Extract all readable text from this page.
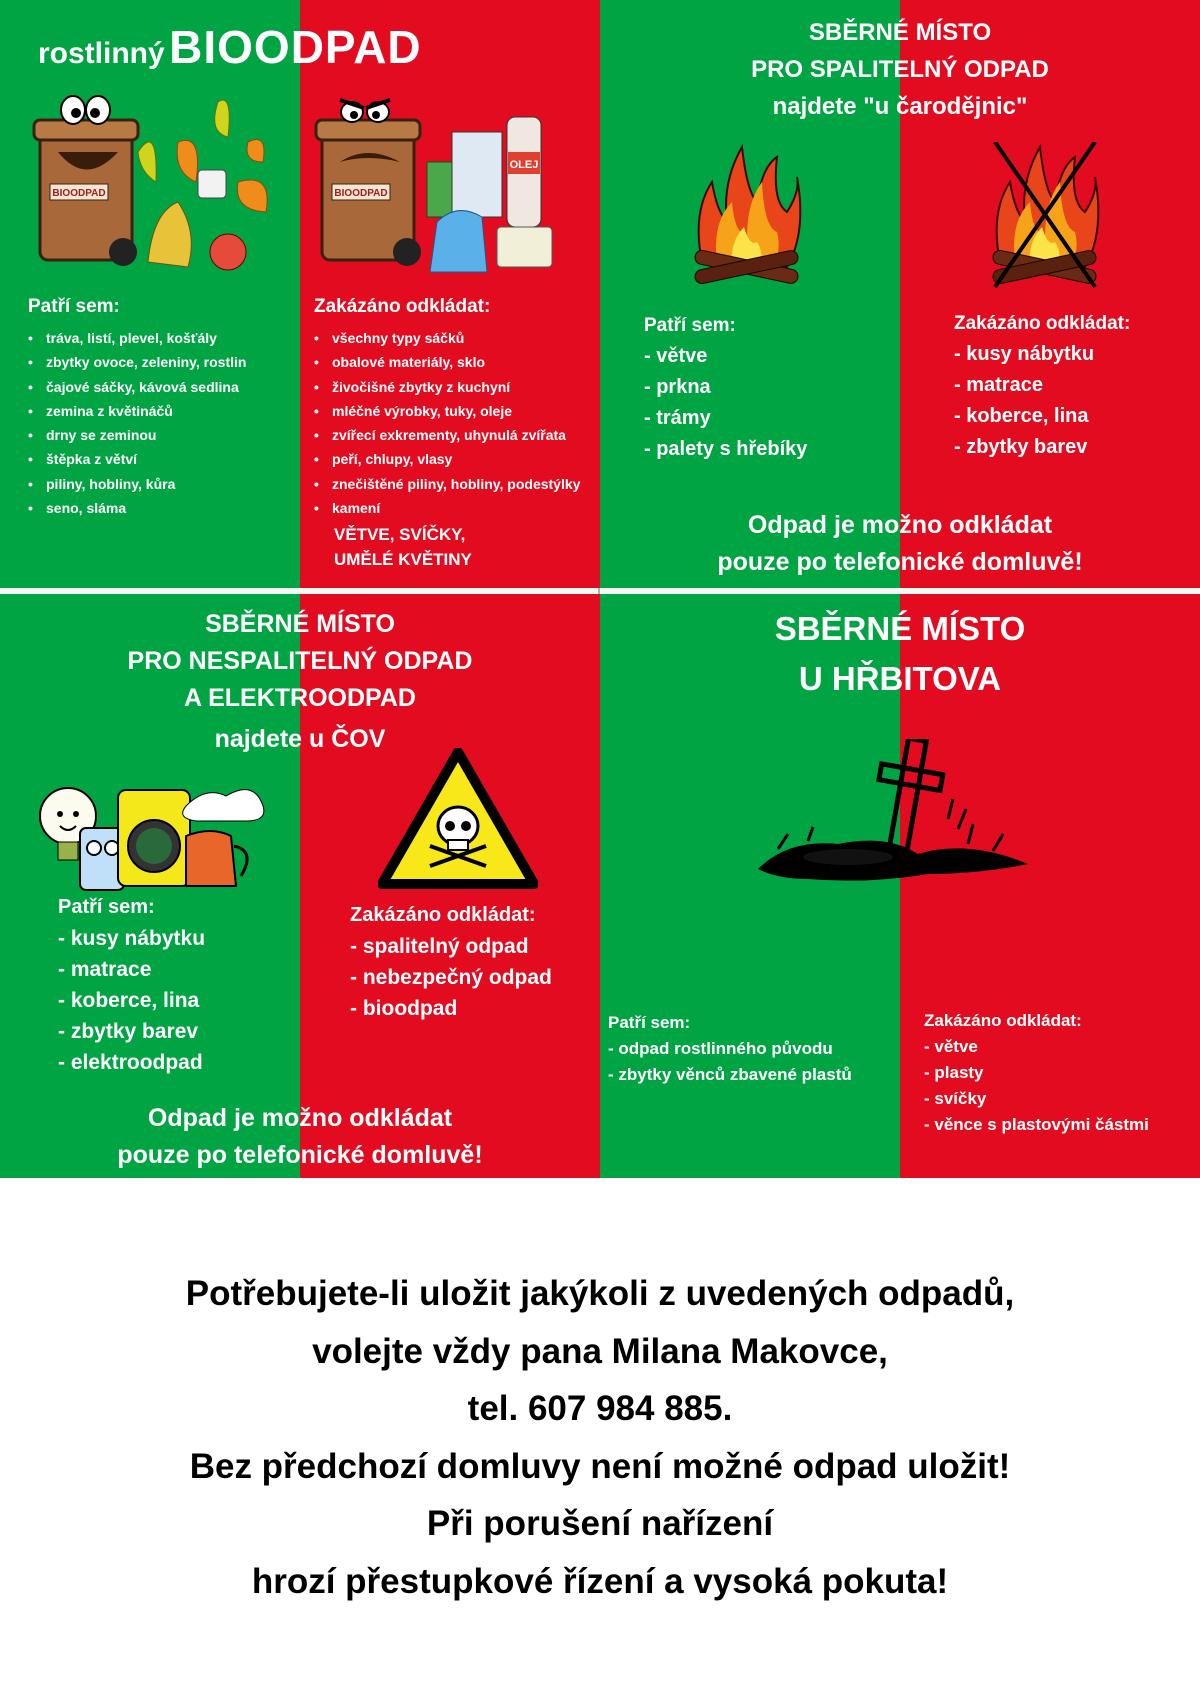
rostlinný BIOODPAD
BIOODPAD	BIOODPAD
OLEJ
Patří sem:
• tráva, listí, plevel, košťály
• zbytky ovoce, zeleniny, rostlin
• čajové sáčky, kávová sedlina
• zemina z květináčů
• drny se zeminou
• štěpka z větví
• piliny, hobliny, kůra
• seno, sláma
Zakázáno odkládat:
• všechny typy sáčků
• obalové materiály, sklo
• živočišné zbytky z kuchyní
• mléčné výrobky, tuky, oleje
• zvířecí exkrementy, uhynulá zvířata
• peří, chlupy, vlasy
• znečištěné piliny, hobliny, podestýlky
• kamení
VĚTVE, SVÍČKY,
UMĚLÉ KVĚTINY
SBĚRNÉ MÍSTO
PRO SPALITELNÝ ODPAD
najdete "u čarodějnic"
Patří sem:
- větve
- prkna
- trámy
- palety s hřebíky
Zakázáno odkládat:
- kusy nábytku
- matrace
- koberce, lina
- zbytky barev
Odpad je možno odkládat
pouze po telefonické domluvě!
SBĚRNÉ MÍSTO
PRO NESPALITELNÝ ODPAD
A ELEKTROODPAD
najdete u ČOV
Patří sem:
- kusy nábytku
- matrace
- koberce, lina
- zbytky barev
- elektroodpad
Zakázáno odkládat:
- spalitelný odpad
- nebezpečný odpad
- bioodpad
Odpad je možno odkládat
pouze po telefonické domluvě!
SBĚRNÉ MÍSTO
U HŘBITOVA
Patří sem:
- odpad rostlinného původu
- zbytky věnců zbavené plastů
Zakázáno odkládat:
- větve
- plasty
- svíčky
- věnce s plastovými částmi
Potřebujete-li uložit jakýkoli z uvedených odpadů,
volejte vždy pana Milana Makovce,
tel. 607 984 885.
Bez předchozí domluvy není možné odpad uložit!
Při porušení nařízení
hrozí přestupkové řízení a vysoká pokuta!
